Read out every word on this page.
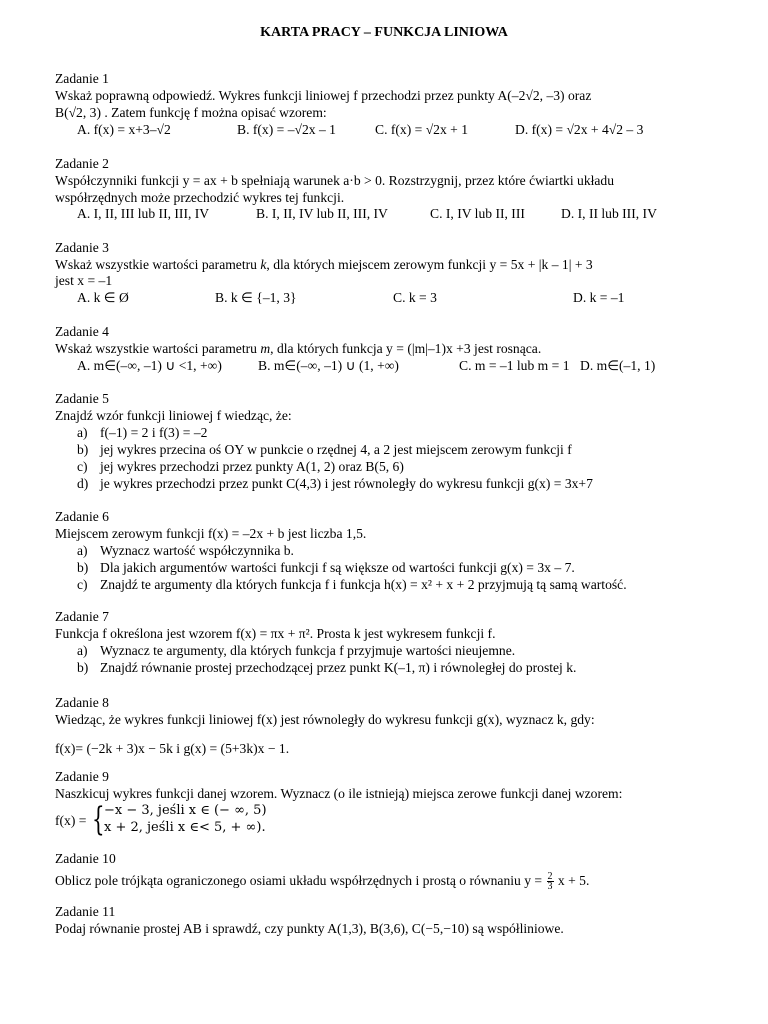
KARTA PRACY – FUNKCJA LINIOWA
Zadanie 1
Wskaż poprawną odpowiedź. Wykres funkcji liniowej f przechodzi przez punkty A(–2√2, –3) oraz
B(√2, 3) . Zatem funkcję f można opisać wzorem:
A. f(x) = x+3–√2	B. f(x) = –√2x – 1	C. f(x) = √2x + 1	D. f(x) = √2x + 4√2 – 3
Zadanie 2
Współczynniki funkcji y = ax + b spełniają warunek a·b > 0. Rozstrzygnij, przez które ćwiartki układu
współrzędnych może przechodzić wykres tej funkcji.
A. I, II, III lub II, III, IV	B. I, II, IV lub II, III, IV	C. I, IV lub II, III	D. I, II lub III, IV
Zadanie 3
Wskaż wszystkie wartości parametru k, dla których miejscem zerowym funkcji y = 5x + |k – 1| + 3
jest x = –1
A. k ∈ Ø	B. k ∈ {–1, 3}	C. k = 3	D. k = –1
Zadanie 4
Wskaż wszystkie wartości parametru m, dla których funkcja y = (|m|–1)x +3 jest rosnąca.
A. m∈(–∞, –1) ∪ <1, +∞)	B. m∈(–∞, –1) ∪ (1, +∞)	C. m = –1 lub m = 1 D. m∈(–1, 1)
Zadanie 5
Znajdź wzór funkcji liniowej f wiedząc, że:
a) f(–1) = 2 i f(3) = –2
b) jej wykres przecina oś OY w punkcie o rzędnej 4, a 2 jest miejscem zerowym funkcji f
c) jej wykres przechodzi przez punkty A(1, 2) oraz B(5, 6)
d) je wykres przechodzi przez punkt C(4,3) i jest równoległy do wykresu funkcji g(x) = 3x+7
Zadanie 6
Miejscem zerowym funkcji f(x) = –2x + b jest liczba 1,5.
a) Wyznacz wartość współczynnika b.
b) Dla jakich argumentów wartości funkcji f są większe od wartości funkcji g(x) = 3x – 7.
c) Znajdź te argumenty dla których funkcja f i funkcja h(x) = x² + x + 2 przyjmują tą samą wartość.
Zadanie 7
Funkcja f określona jest wzorem f(x) = πx + π². Prosta k jest wykresem funkcji f.
a) Wyznacz te argumenty, dla których funkcja f przyjmuje wartości nieujemne.
b) Znajdź równanie prostej przechodzącej przez punkt K(–1, π) i równoległej do prostej k.
Zadanie 8
Wiedząc, że wykres funkcji liniowej f(x) jest równoległy do wykresu funkcji g(x), wyznacz k, gdy:
f(x)= (−2k + 3)x − 5k i g(x) = (5+3k)x − 1.
Zadanie 9
Naszkicuj wykres funkcji danej wzorem. Wyznacz (o ile istnieją) miejsca zerowe funkcji danej wzorem:
f(x) = { −x − 3, jeśli x ∈ (− ∞, 5)
x + 2, jeśli x ∈< 5, + ∞).
Zadanie 10
Oblicz pole trójkąta ograniczonego osiami układu współrzędnych i prostą o równaniu $y = \frac{2}{3}$ x + 5.
Zadanie 11
Podaj równanie prostej AB i sprawdź, czy punkty A(1,3), B(3,6), C(−5,−10) są współliniowe.
